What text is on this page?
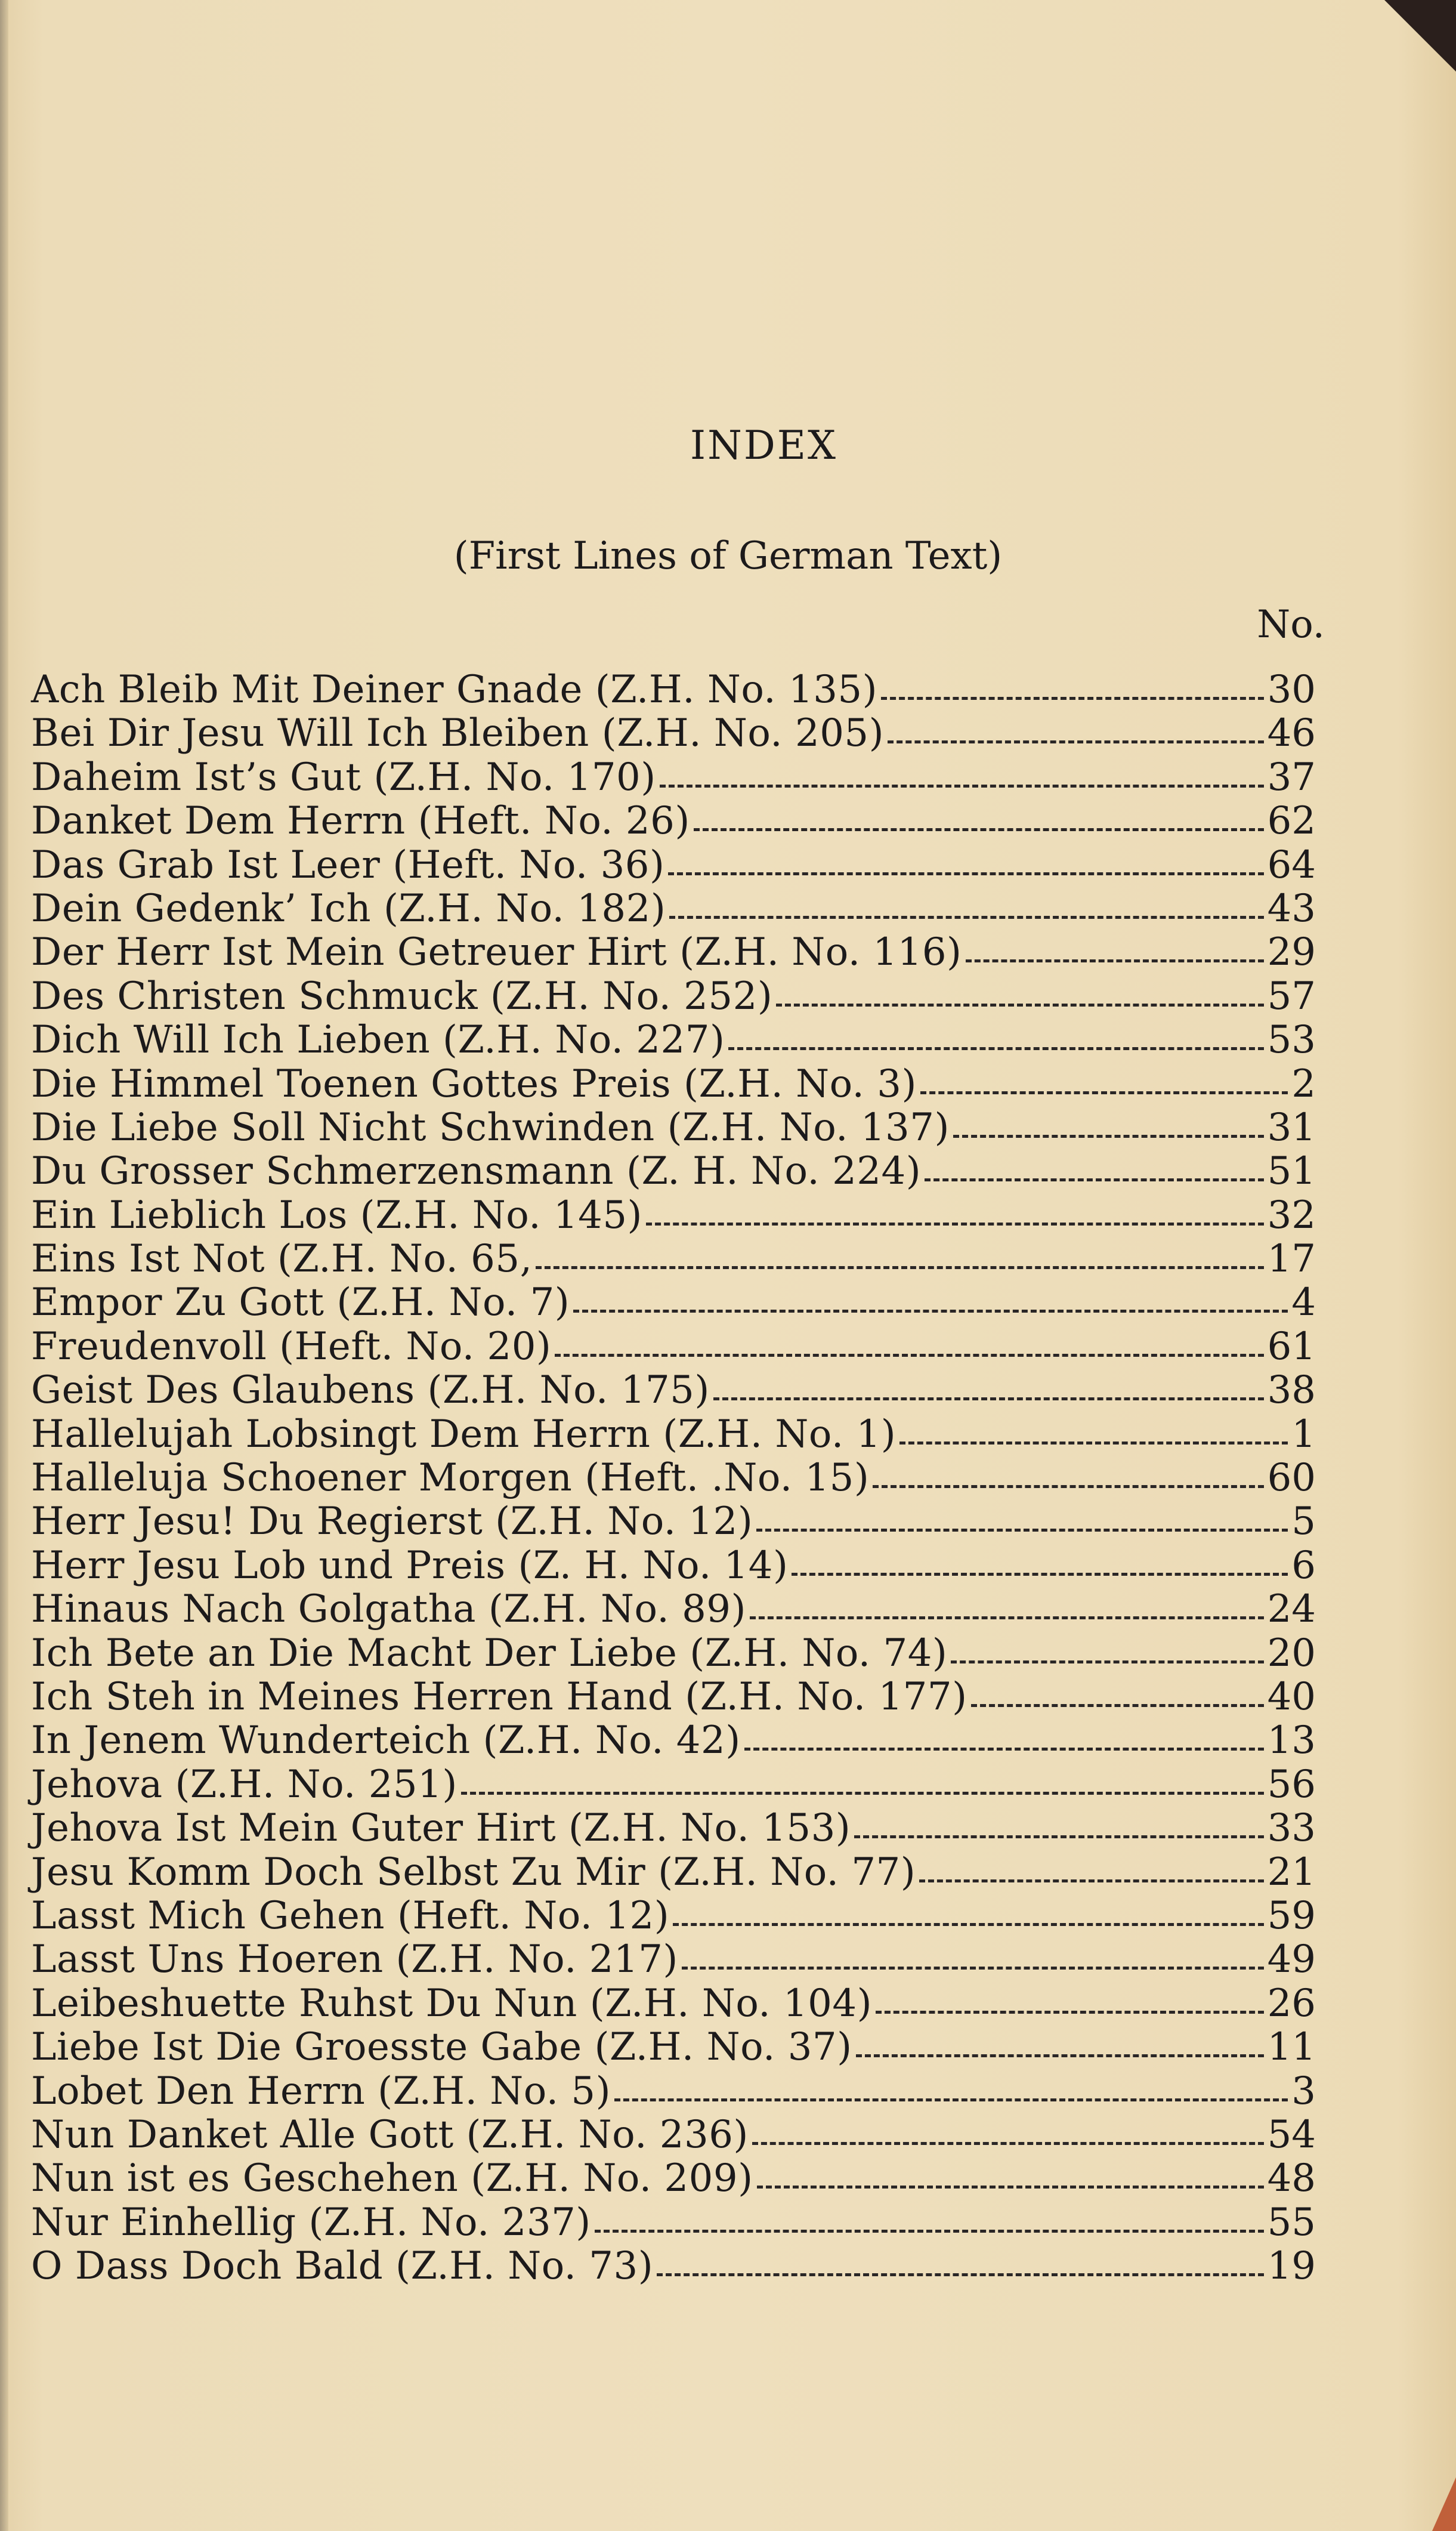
INDEX
(First Lines of German Text)

No.

Ach Bleib Mit Deiner Gnade (Z.H. No. 135)	30
Bei Dir Jesu Will Ich Bleiben (Z.H. No. 205)	46
Daheim Ist’s Gut (Z.H. No. 170)	37
Danket Dem Herrn (Heft. No. 26)	62
Das Grab Ist Leer (Heft. No. 36)	64
Dein Gedenk’ Ich (Z.H. No. 182)	43
Der Herr Ist Mein Getreuer Hirt (Z.H. No. 116)	29
Des Christen Schmuck (Z.H. No. 252)	57
Dich Will Ich Lieben (Z.H. No. 227)	53
Die Himmel Toenen Gottes Preis (Z.H. No. 3)	2
Die Liebe Soll Nicht Schwinden (Z.H. No. 137)	31
Du Grosser Schmerzensmann (Z. H. No. 224)	51
Ein Lieblich Los (Z.H. No. 145)	32
Eins Ist Not (Z.H. No. 65,	17
Empor Zu Gott (Z.H. No. 7)	4
Freudenvoll (Heft. No. 20)	61
Geist Des Glaubens (Z.H. No. 175)	38
Hallelujah Lobsingt Dem Herrn (Z.H. No. 1)	1
Halleluja Schoener Morgen (Heft. .No. 15)	60
Herr Jesu! Du Regierst (Z.H. No. 12)	5
Herr Jesu Lob und Preis (Z. H. No. 14)	6
Hinaus Nach Golgatha (Z.H. No. 89)	24
Ich Bete an Die Macht Der Liebe (Z.H. No. 74)	20
Ich Steh in Meines Herren Hand (Z.H. No. 177)	40
In Jenem Wunderteich (Z.H. No. 42)	13
Jehova (Z.H. No. 251)	56
Jehova Ist Mein Guter Hirt (Z.H. No. 153)	33
Jesu Komm Doch Selbst Zu Mir (Z.H. No. 77)	21
Lasst Mich Gehen (Heft. No. 12)	59
Lasst Uns Hoeren (Z.H. No. 217)	49
Leibeshuette Ruhst Du Nun (Z.H. No. 104)	26
Liebe Ist Die Groesste Gabe (Z.H. No. 37)	11
Lobet Den Herrn (Z.H. No. 5)	3
Nun Danket Alle Gott (Z.H. No. 236)	54
Nun ist es Geschehen (Z.H. No. 209)	48
Nur Einhellig (Z.H. No. 237)	55
O Dass Doch Bald (Z.H. No. 73)	19
